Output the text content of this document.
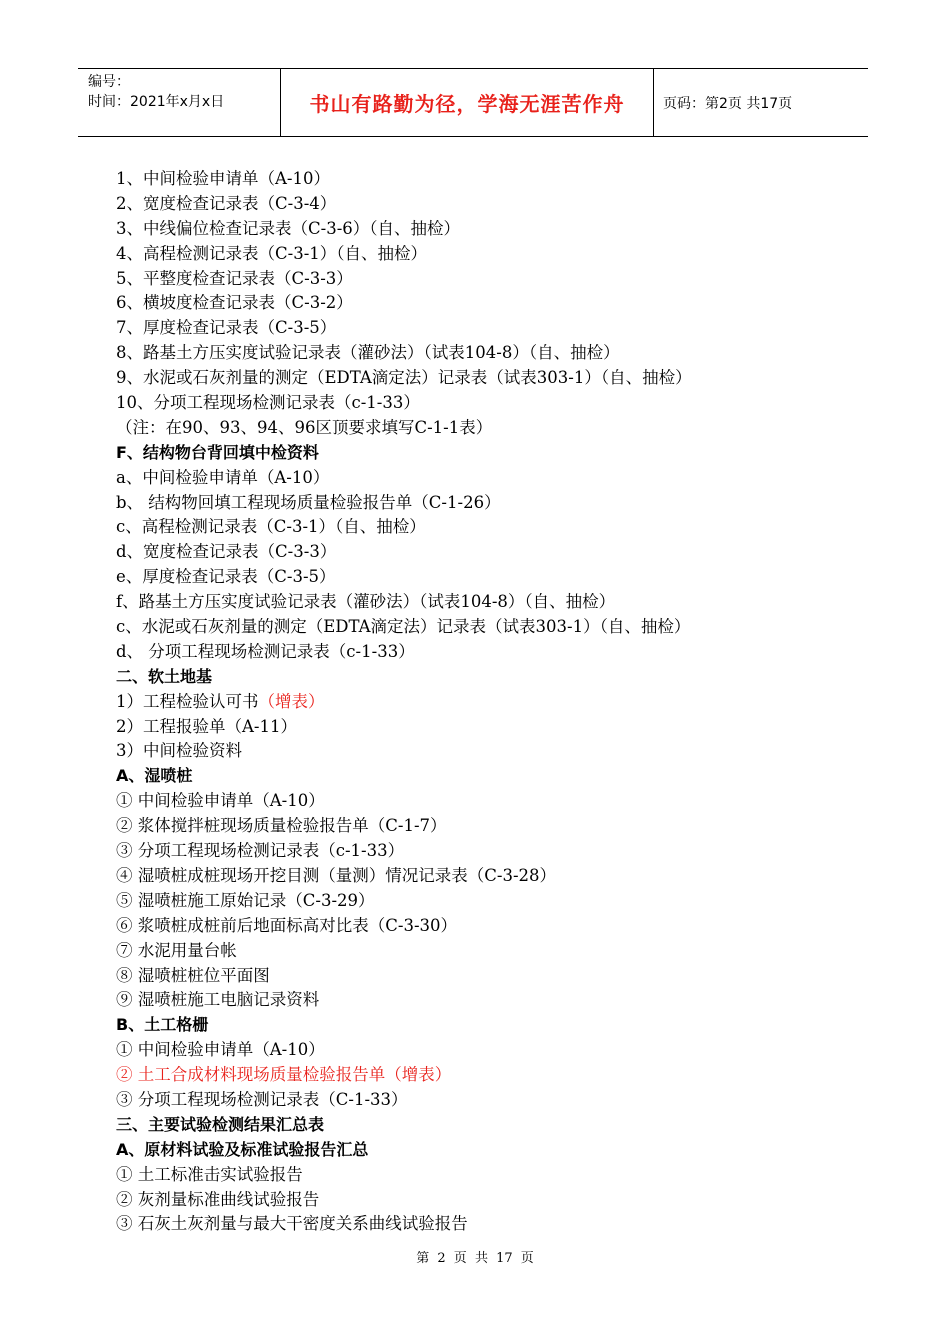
编号：
时间：2021年x月x日	书山有路勤为径，学海无涯苦作舟	页码：第2页 共17页
1、中间检验申请单（A-10）
2、宽度检查记录表（C-3-4）
3、中线偏位检查记录表（C-3-6）（自、抽检）
4、高程检测记录表（C-3-1）（自、抽检）
5、平整度检查记录表（C-3-3）
6、横坡度检查记录表（C-3-2）
7、厚度检查记录表（C-3-5）
8、路基土方压实度试验记录表（灌砂法）（试表104-8）（自、抽检）
9、水泥或石灰剂量的测定（EDTA滴定法）记录表（试表303-1）（自、抽检）
10、分项工程现场检测记录表（c-1-33）
（注：在90、93、94、96区顶要求填写C-1-1表）
F、结构物台背回填中检资料
a、中间检验申请单（A-10）
b、 结构物回填工程现场质量检验报告单（C-1-26）
c、高程检测记录表（C-3-1）（自、抽检）
d、宽度检查记录表（C-3-3）
e、厚度检查记录表（C-3-5）
f、路基土方压实度试验记录表（灌砂法）（试表104-8）（自、抽检）
c、水泥或石灰剂量的测定（EDTA滴定法）记录表（试表303-1）（自、抽检）
d、 分项工程现场检测记录表（c-1-33）
二、软土地基
1）工程检验认可书（增表）
2）工程报验单（A-11）
3）中间检验资料
A、湿喷桩
① 中间检验申请单（A-10）
② 浆体搅拌桩现场质量检验报告单（C-1-7）
③ 分项工程现场检测记录表（c-1-33）
④ 湿喷桩成桩现场开挖目测（量测）情况记录表（C-3-28）
⑤ 湿喷桩施工原始记录（C-3-29）
⑥ 浆喷桩成桩前后地面标高对比表（C-3-30）
⑦ 水泥用量台帐
⑧ 湿喷桩桩位平面图
⑨ 湿喷桩施工电脑记录资料
B、土工格栅
① 中间检验申请单（A-10）
② 土工合成材料现场质量检验报告单（增表）
③ 分项工程现场检测记录表（C-1-33）
三、主要试验检测结果汇总表
A、原材料试验及标准试验报告汇总
① 土工标准击实试验报告
② 灰剂量标准曲线试验报告
③ 石灰土灰剂量与最大干密度关系曲线试验报告
第 2 页 共 17 页
